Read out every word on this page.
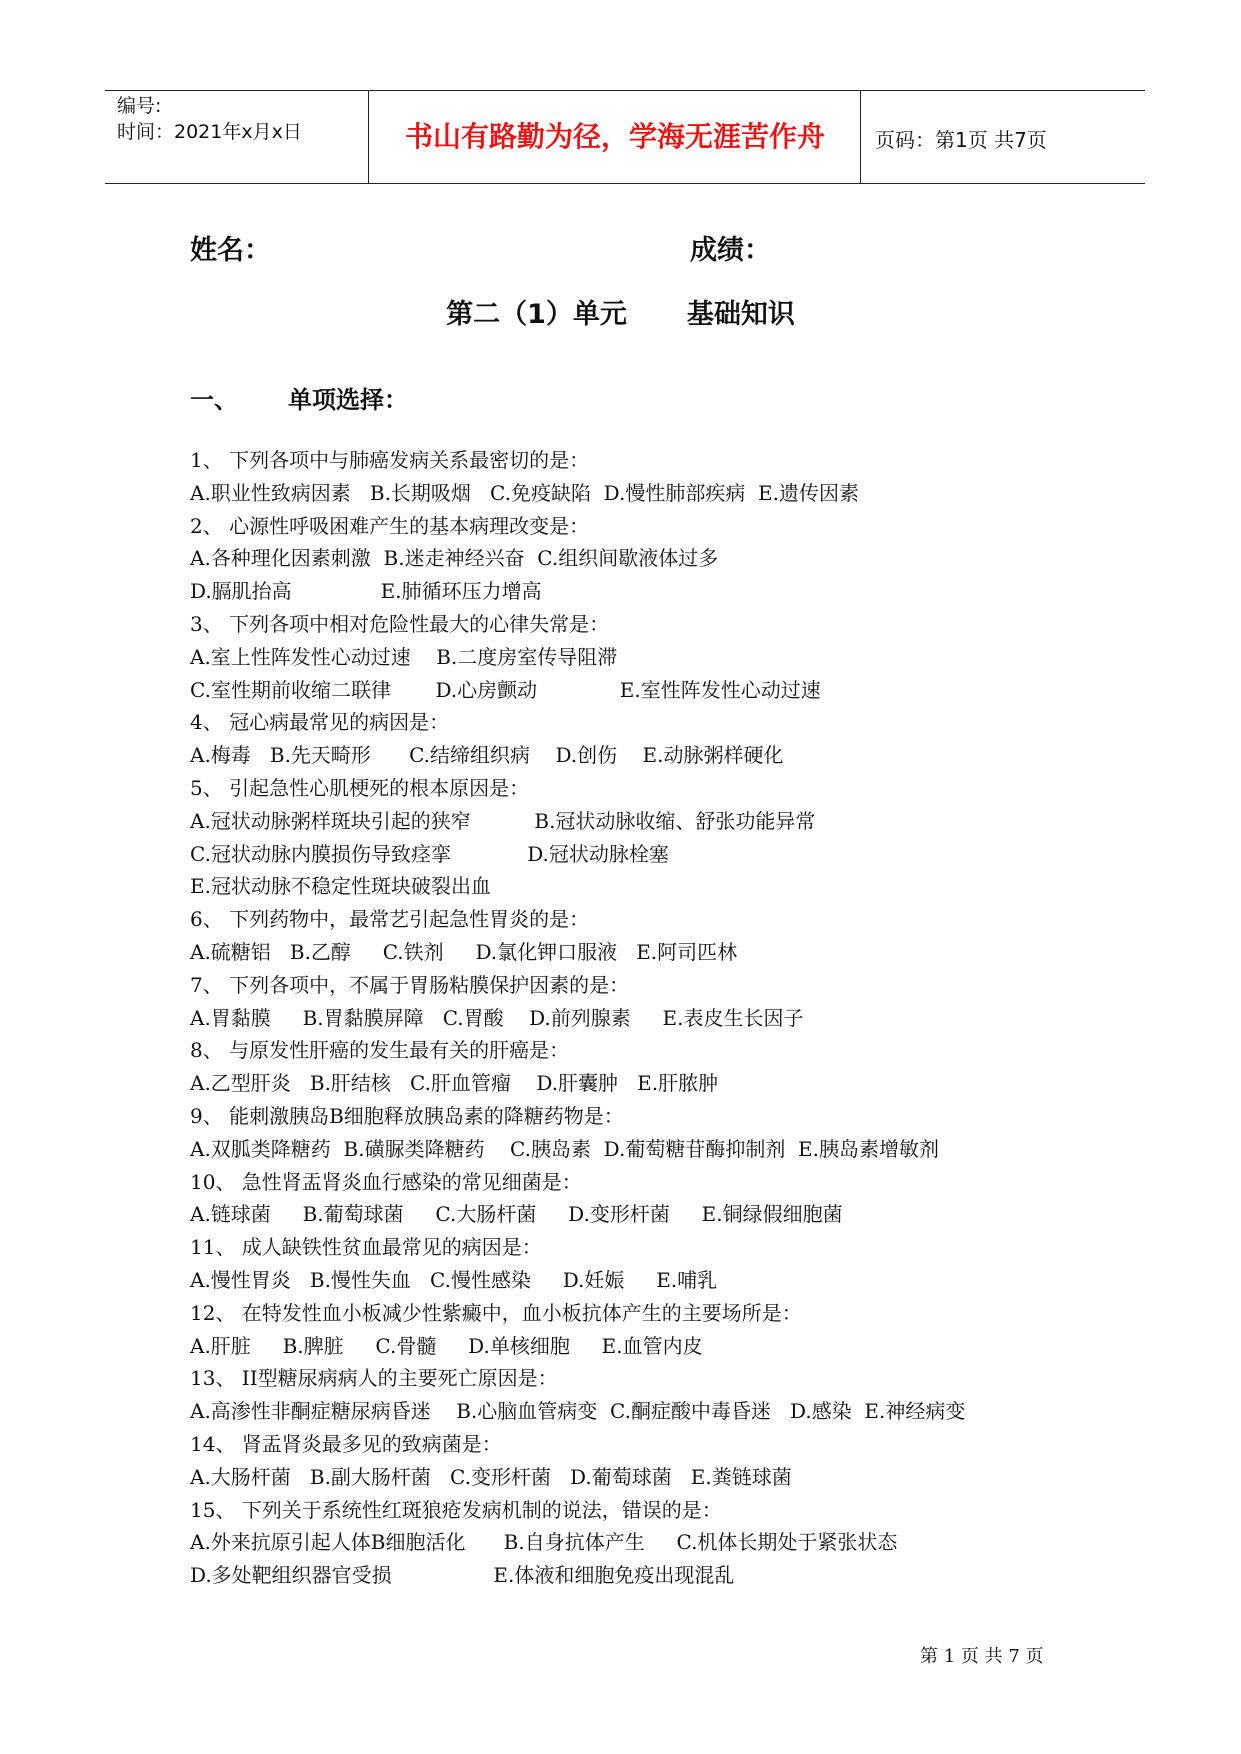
编号:
时间：2021年x月x日	书山有路勤为径，学海无涯苦作舟	页码：第1页 共7页
姓名：	成绩：
第二（1）单元 基础知识
一、 单项选择：
1、 下列各项中与肺癌发病关系最密切的是：
A.职业性致病因素   B.长期吸烟   C.免疫缺陷  D.慢性肺部疾病  E.遗传因素
2、 心源性呼吸困难产生的基本病理改变是：
A.各种理化因素刺激  B.迷走神经兴奋  C.组织间歇液体过多
D.膈肌抬高              E.肺循环压力增高
3、 下列各项中相对危险性最大的心律失常是：
A.室上性阵发性心动过速    B.二度房室传导阻滞
C.室性期前收缩二联律       D.心房颤动             E.室性阵发性心动过速
4、 冠心病最常见的病因是：
A.梅毒   B.先天畸形      C.结缔组织病    D.创伤    E.动脉粥样硬化
5、 引起急性心肌梗死的根本原因是：
A.冠状动脉粥样斑块引起的狭窄          B.冠状动脉收缩、舒张功能异常
C.冠状动脉内膜损伤导致痉挛            D.冠状动脉栓塞
E.冠状动脉不稳定性斑块破裂出血
6、 下列药物中，最常艺引起急性胃炎的是：
A.硫糖铝   B.乙醇     C.铁剂     D.氯化钾口服液   E.阿司匹林
7、 下列各项中，不属于胃肠粘膜保护因素的是：
A.胃黏膜     B.胃黏膜屏障   C.胃酸    D.前列腺素     E.表皮生长因子
8、 与原发性肝癌的发生最有关的肝癌是：
A.乙型肝炎   B.肝结核   C.肝血管瘤    D.肝囊肿   E.肝脓肿
9、 能刺激胰岛B细胞释放胰岛素的降糖药物是：
A.双胍类降糖药  B.磺脲类降糖药    C.胰岛素  D.葡萄糖苷酶抑制剂  E.胰岛素增敏剂
10、 急性肾盂肾炎血行感染的常见细菌是：
A.链球菌     B.葡萄球菌     C.大肠杆菌     D.变形杆菌     E.铜绿假细胞菌
11、 成人缺铁性贫血最常见的病因是：
A.慢性胃炎   B.慢性失血   C.慢性感染     D.妊娠     E.哺乳
12、 在特发性血小板减少性紫癜中，血小板抗体产生的主要场所是：
A.肝脏     B.脾脏     C.骨髓     D.单核细胞     E.血管内皮
13、 II型糖尿病病人的主要死亡原因是：
A.高渗性非酮症糖尿病昏迷    B.心脑血管病变  C.酮症酸中毒昏迷   D.感染  E.神经病变
14、 肾盂肾炎最多见的致病菌是：
A.大肠杆菌   B.副大肠杆菌   C.变形杆菌   D.葡萄球菌   E.粪链球菌
15、 下列关于系统性红斑狼疮发病机制的说法，错误的是：
A.外来抗原引起人体B细胞活化      B.自身抗体产生     C.机体长期处于紧张状态
D.多处靶组织器官受损                E.体液和细胞免疫出现混乱
第 1 页 共 7 页
